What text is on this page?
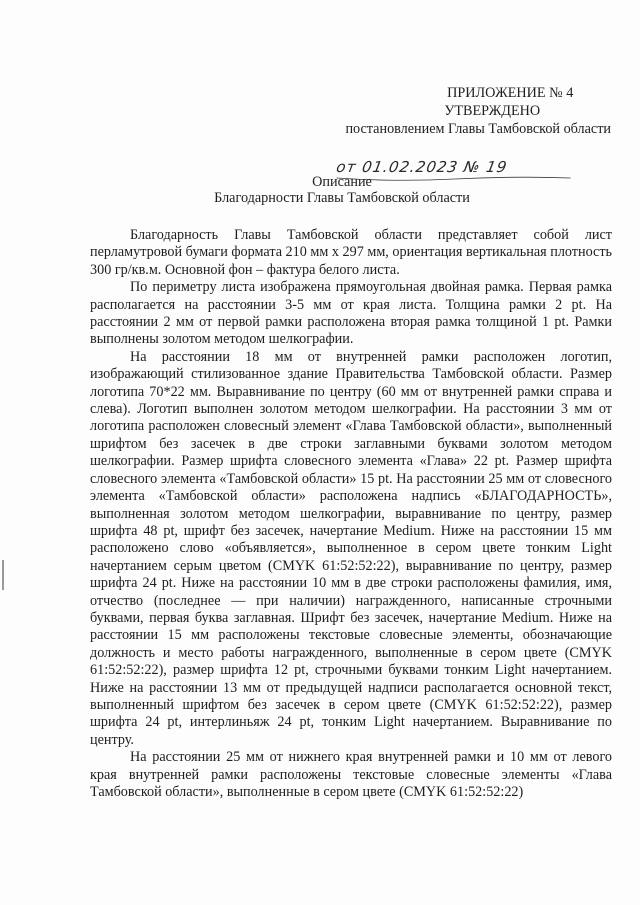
ПРИЛОЖЕНИЕ № 4
УТВЕРЖДЕНО
постановлением Главы Тамбовской области
от 01.02.2023 № 19
Описание
Благодарности Главы Тамбовской области

Благодарность Главы Тамбовской области представляет собой лист перламутровой бумаги формата 210 мм х 297 мм, ориентация вертикальная плотность 300 гр/кв.м. Основной фон – фактура белого листа.

По периметру листа изображена прямоугольная двойная рамка. Первая рамка располагается на расстоянии 3-5 мм от края листа. Толщина рамки 2 pt. На расстоянии 2 мм от первой рамки расположена вторая рамка толщиной 1 pt. Рамки выполнены золотом методом шелкографии.

На расстоянии 18 мм от внутренней рамки расположен логотип, изображающий стилизованное здание Правительства Тамбовской области. Размер логотипа 70*22 мм. Выравнивание по центру (60 мм от внутренней рамки справа и слева). Логотип выполнен золотом методом шелкографии. На расстоянии 3 мм от логотипа расположен словесный элемент «Глава Тамбовской области», выполненный шрифтом без засечек в две строки заглавными буквами золотом методом шелкографии. Размер шрифта словесного элемента «Глава» 22 pt. Размер шрифта словесного элемента «Тамбовской области» 15 pt. На расстоянии 25 мм от словесного элемента «Тамбовской области» расположена надпись «БЛАГОДАРНОСТЬ», выполненная золотом методом шелкографии, выравнивание по центру, размер шрифта 48 pt, шрифт без засечек, начертание Medium. Ниже на расстоянии 15 мм расположено слово «объявляется», выполненное в сером цвете тонким Light начертанием серым цветом (CMYK 61:52:52:22), выравнивание по центру, размер шрифта 24 pt. Ниже на расстоянии 10 мм в две строки расположены фамилия, имя, отчество (последнее — при наличии) награжденного, написанные строчными буквами, первая буква заглавная. Шрифт без засечек, начертание Medium. Ниже на расстоянии 15 мм расположены текстовые словесные элементы, обозначающие должность и место работы награжденного, выполненные в сером цвете (CMYK 61:52:52:22), размер шрифта 12 pt, строчными буквами тонким Light начертанием. Ниже на расстоянии 13 мм от предыдущей надписи располагается основной текст, выполненный шрифтом без засечек в сером цвете (CMYK 61:52:52:22), размер шрифта 24 pt, интерлиньяж 24 pt, тонким Light начертанием. Выравнивание по центру.

На расстоянии 25 мм от нижнего края внутренней рамки и 10 мм от левого края внутренней рамки расположены текстовые словесные элементы «Глава Тамбовской области», выполненные в сером цвете (CMYK 61:52:52:22)
